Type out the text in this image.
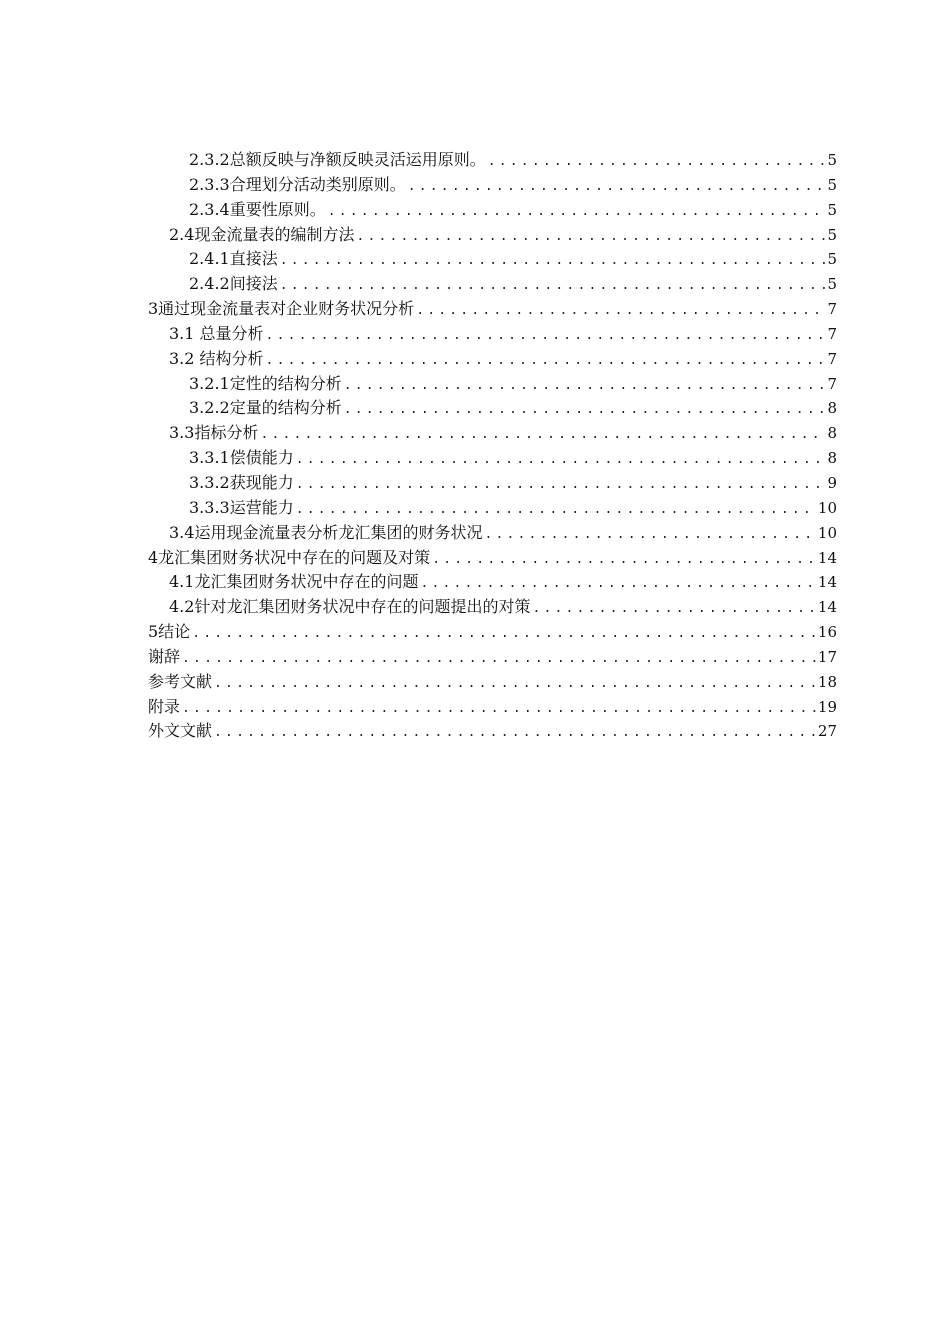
2.3.2总额反映与净额反映灵活运用原则。 .....	5
2.3.3合理划分活动类别原则。 .....	5
2.3.4重要性原则。 .....	5
2.4现金流量表的编制方法 .....	5
2.4.1直接法 .....	5
2.4.2间接法 .....	5
3通过现金流量表对企业财务状况分析 .....	7
3.1 总量分析 .....	7
3.2 结构分析 .....	7
3.2.1定性的结构分析 .....	7
3.2.2定量的结构分析 .....	8
3.3指标分析 .....	8
3.3.1偿债能力 .....	8
3.3.2获现能力 .....	9
3.3.3运营能力 .....	10
3.4运用现金流量表分析龙汇集团的财务状况 .....	10
4龙汇集团财务状况中存在的问题及对策 .....	14
4.1龙汇集团财务状况中存在的问题 .....	14
4.2针对龙汇集团财务状况中存在的问题提出的对策 .....	14
5结论 .....	16
谢辞 .....	17
参考文献 .....	18
附录 .....	19
外文文献 .....	27
